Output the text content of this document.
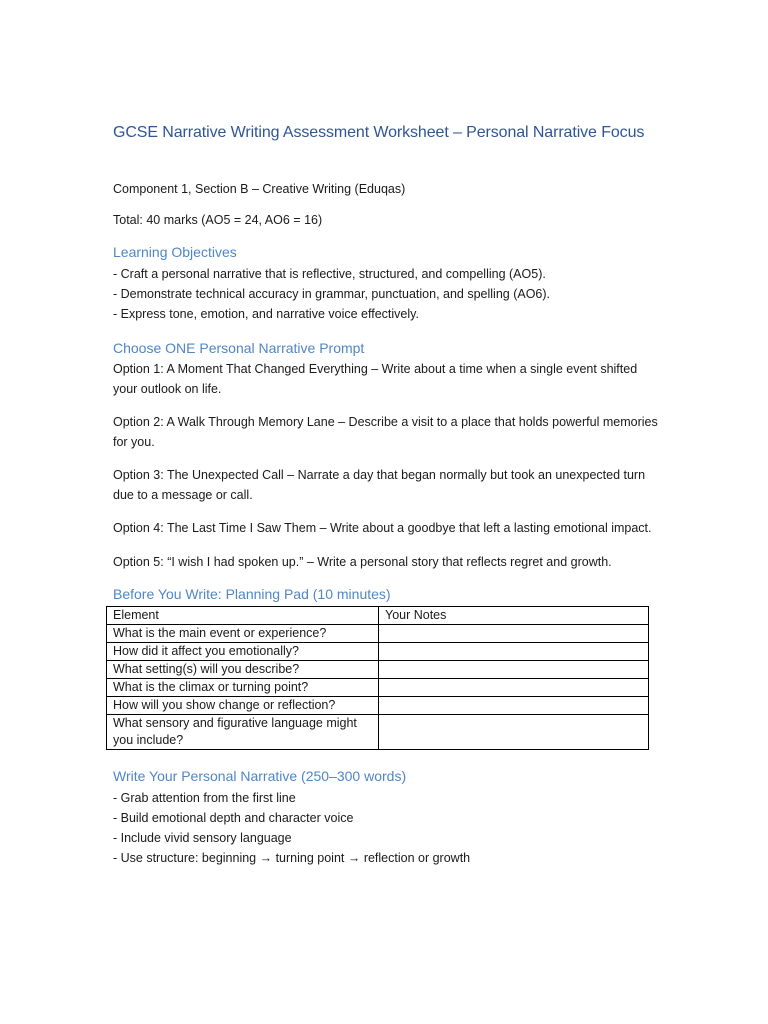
GCSE Narrative Writing Assessment Worksheet – Personal Narrative Focus
Component 1, Section B – Creative Writing (Eduqas)
Total: 40 marks (AO5 = 24, AO6 = 16)
Learning Objectives
- Craft a personal narrative that is reflective, structured, and compelling (AO5).
- Demonstrate technical accuracy in grammar, punctuation, and spelling (AO6).
- Express tone, emotion, and narrative voice effectively.
Choose ONE Personal Narrative Prompt
Option 1: A Moment That Changed Everything – Write about a time when a single event shifted your outlook on life.
Option 2: A Walk Through Memory Lane – Describe a visit to a place that holds powerful memories for you.
Option 3: The Unexpected Call – Narrate a day that began normally but took an unexpected turn due to a message or call.
Option 4: The Last Time I Saw Them – Write about a goodbye that left a lasting emotional impact.
Option 5: “I wish I had spoken up.” – Write a personal story that reflects regret and growth.
Before You Write: Planning Pad (10 minutes)
Element	Your Notes
What is the main event or experience?	
How did it affect you emotionally?	
What setting(s) will you describe?	
What is the climax or turning point?	
How will you show change or reflection?	
What sensory and figurative language might you include?	
Write Your Personal Narrative (250–300 words)
- Grab attention from the first line
- Build emotional depth and character voice
- Include vivid sensory language
- Use structure: beginning → turning point → reflection or growth
